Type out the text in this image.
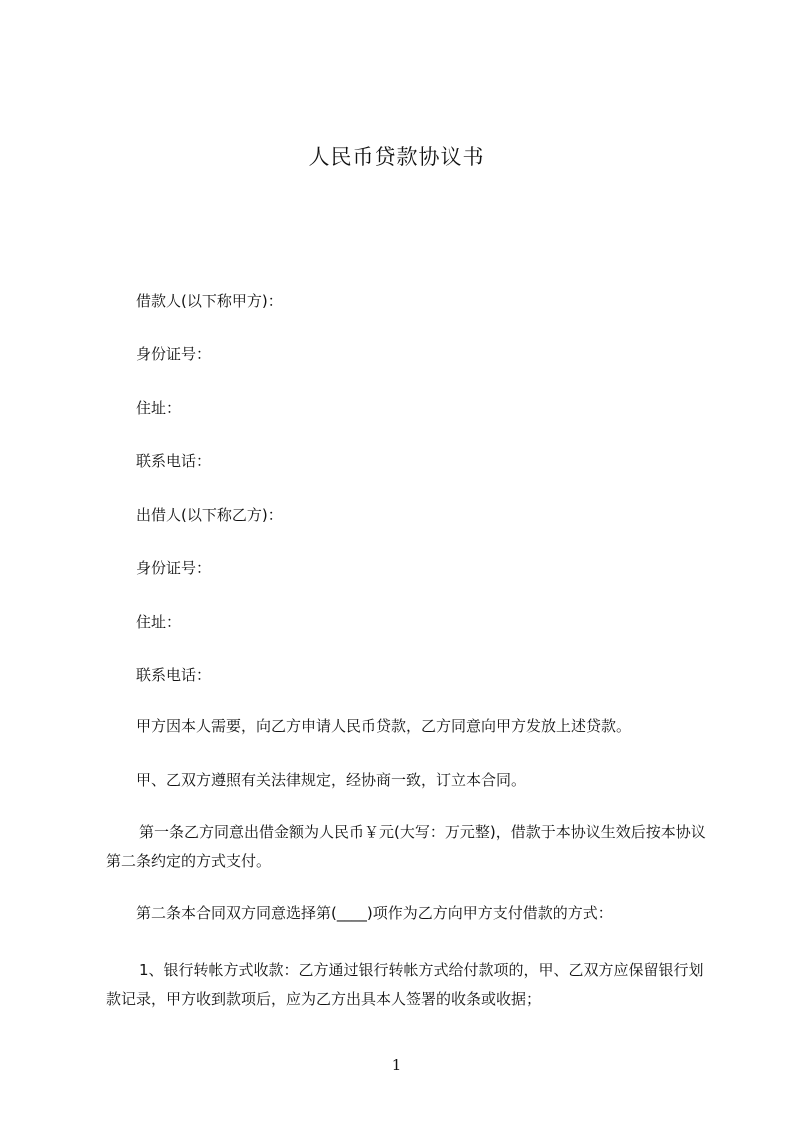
人民币贷款协议书
借款人(以下称甲方)：
身份证号：
住址：
联系电话：
出借人(以下称乙方)：
身份证号：
住址：
联系电话：
甲方因本人需要，向乙方申请人民币贷款，乙方同意向甲方发放上述贷款。
甲、乙双方遵照有关法律规定，经协商一致，订立本合同。
第一条乙方同意出借金额为人民币￥元(大写：万元整)，借款于本协议生效后按本协议第二条约定的方式支付。
第二条本合同双方同意选择第(____)项作为乙方向甲方支付借款的方式：
1、银行转帐方式收款：乙方通过银行转帐方式给付款项的，甲、乙双方应保留银行划款记录，甲方收到款项后，应为乙方出具本人签署的收条或收据；
1
